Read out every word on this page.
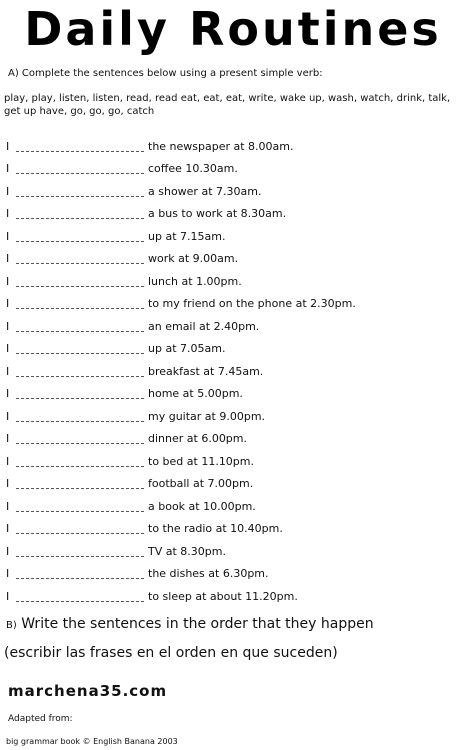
Daily Routines
A) Complete the sentences below using a present simple verb:
play, play, listen, listen, read, read eat, eat, eat, write, wake up, wash, watch, drink, talk, get up have, go, go, go, catch
I	the newspaper at 8.00am.
I	coffee 10.30am.
I	a shower at 7.30am.
I	a bus to work at 8.30am.
I	up at 7.15am.
I	work at 9.00am.
I	lunch at 1.00pm.
I	to my friend on the phone at 2.30pm.
I	an email at 2.40pm.
I	up at 7.05am.
I	breakfast at 7.45am.
I	home at 5.00pm.
I	my guitar at 9.00pm.
I	dinner at 6.00pm.
I	to bed at 11.10pm.
I	football at 7.00pm.
I	a book at 10.00pm.
I	to the radio at 10.40pm.
I	TV at 8.30pm.
I	the dishes at 6.30pm.
I	to sleep at about 11.20pm.
B) Write the sentences in the order that they happen
(escribir las frases en el orden en que suceden)
marchena35.com
Adapted from:
big grammar book © English Banana 2003
